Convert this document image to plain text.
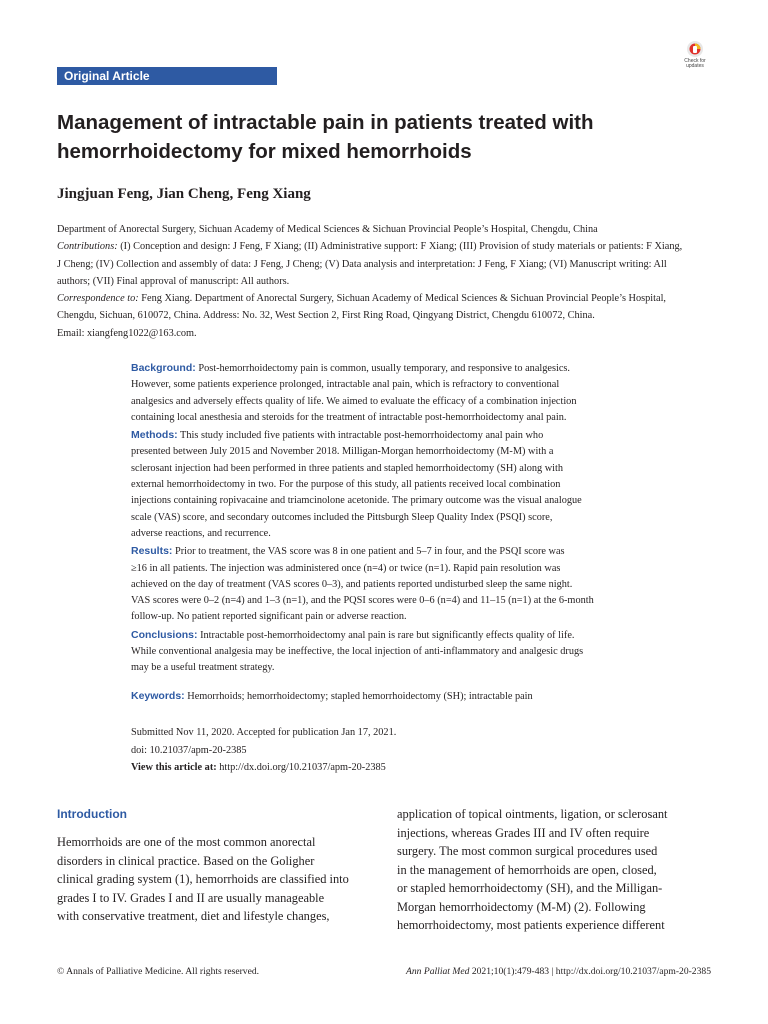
Original Article
Check for updates
Management of intractable pain in patients treated with
hemorrhoidectomy for mixed hemorrhoids
Jingjuan Feng, Jian Cheng, Feng Xiang
Department of Anorectal Surgery, Sichuan Academy of Medical Sciences & Sichuan Provincial People’s Hospital, Chengdu, China
Contributions: (I) Conception and design: J Feng, F Xiang; (II) Administrative support: F Xiang; (III) Provision of study materials or patients: F Xiang,
J Cheng; (IV) Collection and assembly of data: J Feng, J Cheng; (V) Data analysis and interpretation: J Feng, F Xiang; (VI) Manuscript writing: All
authors; (VII) Final approval of manuscript: All authors.
Correspondence to: Feng Xiang. Department of Anorectal Surgery, Sichuan Academy of Medical Sciences & Sichuan Provincial People’s Hospital,
Chengdu, Sichuan, 610072, China. Address: No. 32, West Section 2, First Ring Road, Qingyang District, Chengdu 610072, China.
Email: xiangfeng1022@163.com.
Background: Post-hemorrhoidectomy pain is common, usually temporary, and responsive to analgesics.
However, some patients experience prolonged, intractable anal pain, which is refractory to conventional
analgesics and adversely effects quality of life. We aimed to evaluate the efficacy of a combination injection
containing local anesthesia and steroids for the treatment of intractable post-hemorrhoidectomy anal pain.
Methods: This study included five patients with intractable post-hemorrhoidectomy anal pain who
presented between July 2015 and November 2018. Milligan-Morgan hemorrhoidectomy (M-M) with a
sclerosant injection had been performed in three patients and stapled hemorrhoidectomy (SH) along with
external hemorrhoidectomy in two. For the purpose of this study, all patients received local combination
injections containing ropivacaine and triamcinolone acetonide. The primary outcome was the visual analogue
scale (VAS) score, and secondary outcomes included the Pittsburgh Sleep Quality Index (PSQI) score,
adverse reactions, and recurrence.
Results: Prior to treatment, the VAS score was 8 in one patient and 5–7 in four, and the PSQI score was
≥16 in all patients. The injection was administered once (n=4) or twice (n=1). Rapid pain resolution was
achieved on the day of treatment (VAS scores 0–3), and patients reported undisturbed sleep the same night.
VAS scores were 0–2 (n=4) and 1–3 (n=1), and the PQSI scores were 0–6 (n=4) and 11–15 (n=1) at the 6-month
follow-up. No patient reported significant pain or adverse reaction.
Conclusions: Intractable post-hemorrhoidectomy anal pain is rare but significantly effects quality of life.
While conventional analgesia may be ineffective, the local injection of anti-inflammatory and analgesic drugs
may be a useful treatment strategy.
Keywords: Hemorrhoids; hemorrhoidectomy; stapled hemorrhoidectomy (SH); intractable pain
Submitted Nov 11, 2020. Accepted for publication Jan 17, 2021.
doi: 10.21037/apm-20-2385
View this article at: http://dx.doi.org/10.21037/apm-20-2385
Introduction
Hemorrhoids are one of the most common anorectal
disorders in clinical practice. Based on the Goligher
clinical grading system (1), hemorrhoids are classified into
grades I to IV. Grades I and II are usually manageable
with conservative treatment, diet and lifestyle changes,
application of topical ointments, ligation, or sclerosant
injections, whereas Grades III and IV often require
surgery. The most common surgical procedures used
in the management of hemorrhoids are open, closed,
or stapled hemorrhoidectomy (SH), and the Milligan-
Morgan hemorrhoidectomy (M-M) (2). Following
hemorrhoidectomy, most patients experience different
© Annals of Palliative Medicine. All rights reserved.	Ann Palliat Med 2021;10(1):479-483 | http://dx.doi.org/10.21037/apm-20-2385
